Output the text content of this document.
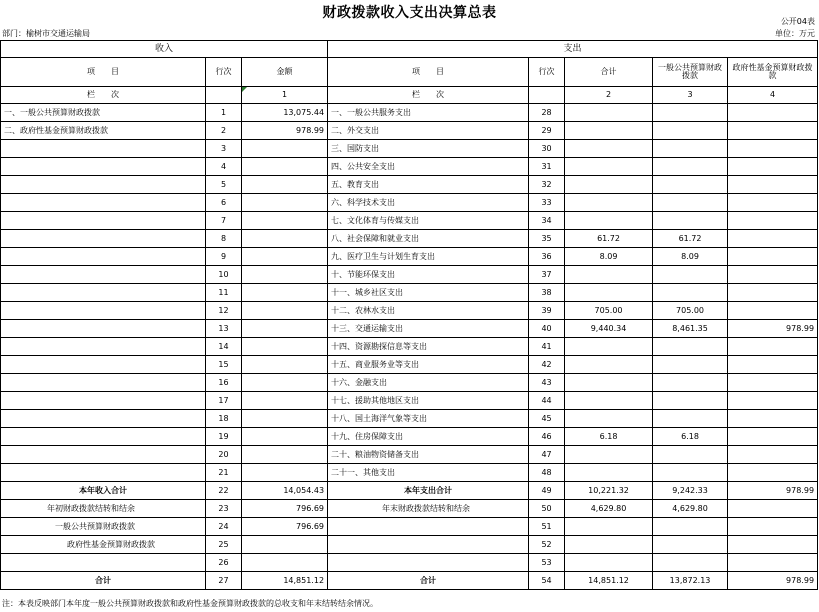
财政拨款收入支出决算总表
公开04表
部门：榆树市交通运输局	单位：万元
收入			支出				
项　　目	行次	金额	项　　目	行次	合计	一般公共预算财政拨款	政府性基金预算财政拨款
栏　　次		1	栏　　次		2	3	4
一、一般公共预算财政拨款	1	13,075.44	一、一般公共服务支出	28			
二、政府性基金预算财政拨款	2	978.99	二、外交支出	29			
	3		三、国防支出	30			
	4		四、公共安全支出	31			
	5		五、教育支出	32			
	6		六、科学技术支出	33			
	7		七、文化体育与传媒支出	34			
	8		八、社会保障和就业支出	35	61.72	61.72	
	9		九、医疗卫生与计划生育支出	36	8.09	8.09	
	10		十、节能环保支出	37			
	11		十一、城乡社区支出	38			
	12		十二、农林水支出	39	705.00	705.00	
	13		十三、交通运输支出	40	9,440.34	8,461.35	978.99
	14		十四、资源勘探信息等支出	41			
	15		十五、商业服务业等支出	42			
	16		十六、金融支出	43			
	17		十七、援助其他地区支出	44			
	18		十八、国土海洋气象等支出	45			
	19		十九、住房保障支出	46	6.18	6.18	
	20		二十、粮油物资储备支出	47			
	21		二十一、其他支出	48			
本年收入合计	22	14,054.43	本年支出合计	49	10,221.32	9,242.33	978.99
年初财政拨款结转和结余	23	796.69	年末财政拨款结转和结余	50	4,629.80	4,629.80	
一般公共预算财政拨款	24	796.69		51			
政府性基金预算财政拨款	25			52			
	26			53			
合计	27	14,851.12	合计	54	14,851.12	13,872.13	978.99
注：本表反映部门本年度一般公共预算财政拨款和政府性基金预算财政拨款的总收支和年末结转结余情况。
